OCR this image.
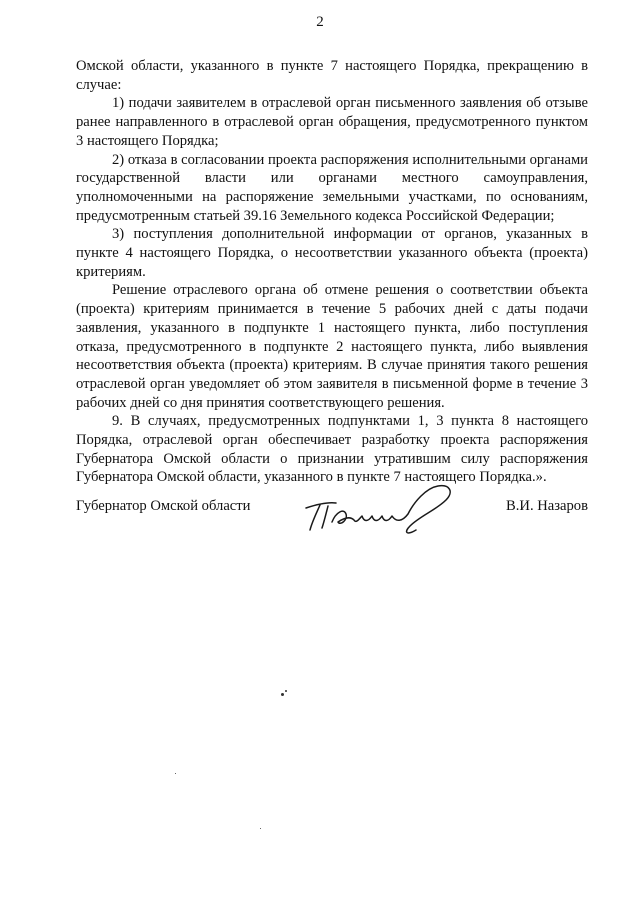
2

Омской области, указанного в пункте 7 настоящего Порядка, прекращению в случае:

1) подачи заявителем в отраслевой орган письменного заявления об отзыве ранее направленного в отраслевой орган обращения, предусмотренного пунктом 3 настоящего Порядка;

2) отказа в согласовании проекта распоряжения исполнительными органами государственной власти или органами местного самоуправления, уполномоченными на распоряжение земельными участками, по основаниям, предусмотренным статьей 39.16 Земельного кодекса Российской Федерации;

3) поступления дополнительной информации от органов, указанных в пункте 4 настоящего Порядка, о несоответствии указанного объекта (проекта) критериям.

Решение отраслевого органа об отмене решения о соответствии объекта (проекта) критериям принимается в течение 5 рабочих дней с даты подачи заявления, указанного в подпункте 1 настоящего пункта, либо поступления отказа, предусмотренного в подпункте 2 настоящего пункта, либо выявления несоответствия объекта (проекта) критериям. В случае принятия такого решения отраслевой орган уведомляет об этом заявителя в письменной форме в течение 3 рабочих дней со дня принятия соответствующего решения.

9. В случаях, предусмотренных подпунктами 1, 3 пункта 8 настоящего Порядка, отраслевой орган обеспечивает разработку проекта распоряжения Губернатора Омской области о признании утратившим силу распоряжения Губернатора Омской области, указанного в пункте 7 настоящего Порядка.».

Губернатор Омской области	В.И. Назаров
